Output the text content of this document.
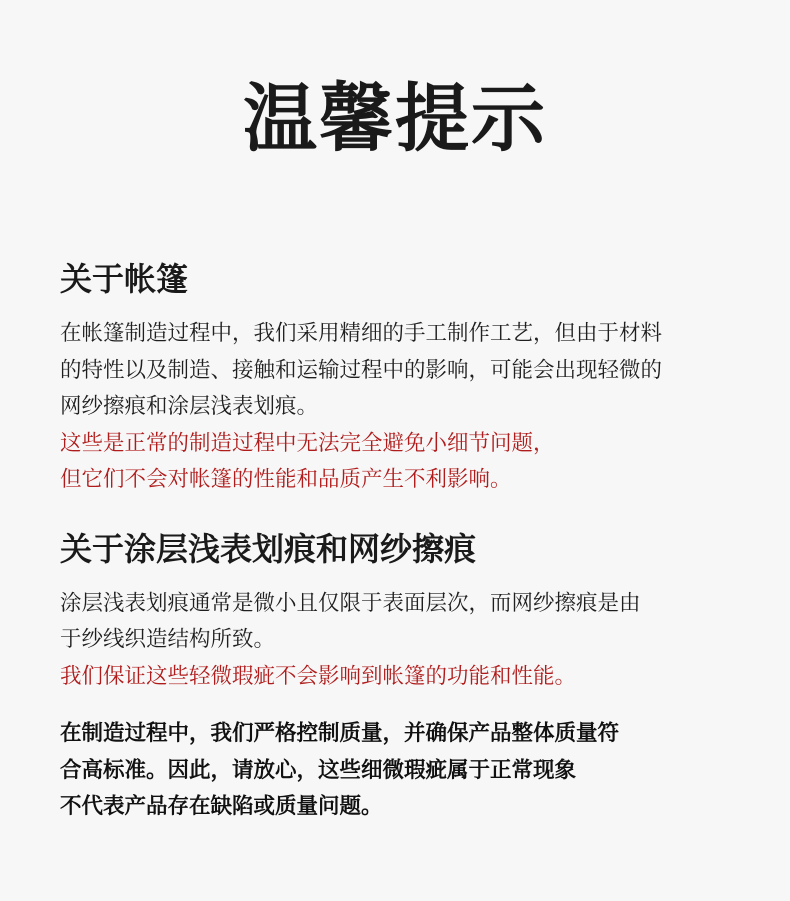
温馨提示
关于帐篷
在帐篷制造过程中，我们采用精细的手工制作工艺，但由于材料
的特性以及制造、接触和运输过程中的影响，可能会出现轻微的
网纱擦痕和涂层浅表划痕。
这些是正常的制造过程中无法完全避免小细节问题，
但它们不会对帐篷的性能和品质产生不利影响。
关于涂层浅表划痕和网纱擦痕
涂层浅表划痕通常是微小且仅限于表面层次，而网纱擦痕是由
于纱线织造结构所致。
我们保证这些轻微瑕疵不会影响到帐篷的功能和性能。
在制造过程中，我们严格控制质量，并确保产品整体质量符
合高标准。因此，请放心，这些细微瑕疵属于正常现象
不代表产品存在缺陷或质量问题。
